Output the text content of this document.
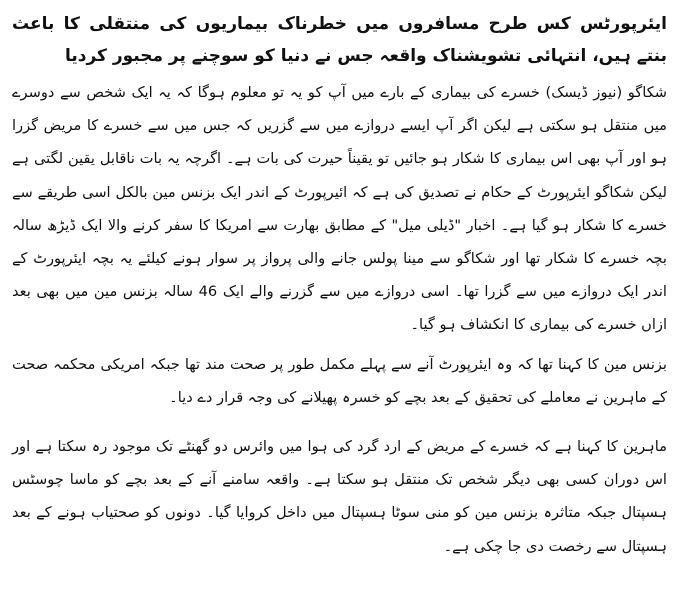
ایئرپورٹس کس طرح مسافروں میں خطرناک بیماریوں کی منتقلی کا باعث بنتے ہیں، انتہائی تشویشناک واقعہ جس نے دنیا کو سوچنے پر مجبور کردیا
شکاگو (نیوز ڈیسک) خسرے کی بیماری کے بارے میں آپ کو یہ تو معلوم ہوگا کہ یہ ایک شخص سے دوسرے میں منتقل ہو سکتی ہے لیکن اگر آپ ایسے دروازے میں سے گزریں کہ جس میں سے خسرے کا مریض گزرا ہو اور آپ بھی اس بیماری کا شکار ہو جائیں تو یقیناً حیرت کی بات ہے۔ اگرچہ یہ بات ناقابل یقین لگتی ہے لیکن شکاگو ایئرپورٹ کے حکام نے تصدیق کی ہے کہ ائیرپورٹ کے اندر ایک بزنس مین بالکل اسی طریقے سے خسرے کا شکار ہو گیا ہے۔ اخبار "ڈیلی میل" کے مطابق بھارت سے امریکا کا سفر کرنے والا ایک ڈیڑھ سالہ بچہ خسرے کا شکار تھا اور شکاگو سے مینا پولس جانے والی پرواز پر سوار ہونے کیلئے یہ بچہ ایئرپورٹ کے اندر ایک دروازے میں سے گزرا تھا۔ اسی دروازے میں سے گزرنے والے ایک 46 سالہ بزنس مین میں بھی بعد ازاں خسرے کی بیماری کا انکشاف ہو گیا۔
بزنس مین کا کہنا تھا کہ وہ ایئرپورٹ آنے سے پہلے مکمل طور پر صحت مند تھا جبکہ امریکی محکمہ صحت کے ماہرین نے معاملے کی تحقیق کے بعد بچے کو خسرہ پھیلانے کی وجہ قرار دے دیا۔
ماہرین کا کہنا ہے کہ خسرے کے مریض کے ارد گرد کی ہوا میں وائرس دو گھنٹے تک موجود رہ سکتا ہے اور اس دوران کسی بھی دیگر شخص تک منتقل ہو سکتا ہے۔ واقعہ سامنے آنے کے بعد بچے کو ماسا چوسٹس ہسپتال جبکہ متاثرہ بزنس مین کو منی سوٹا ہسپتال میں داخل کروایا گیا۔ دونوں کو صحتیاب ہونے کے بعد ہسپتال سے رخصت دی جا چکی ہے۔
